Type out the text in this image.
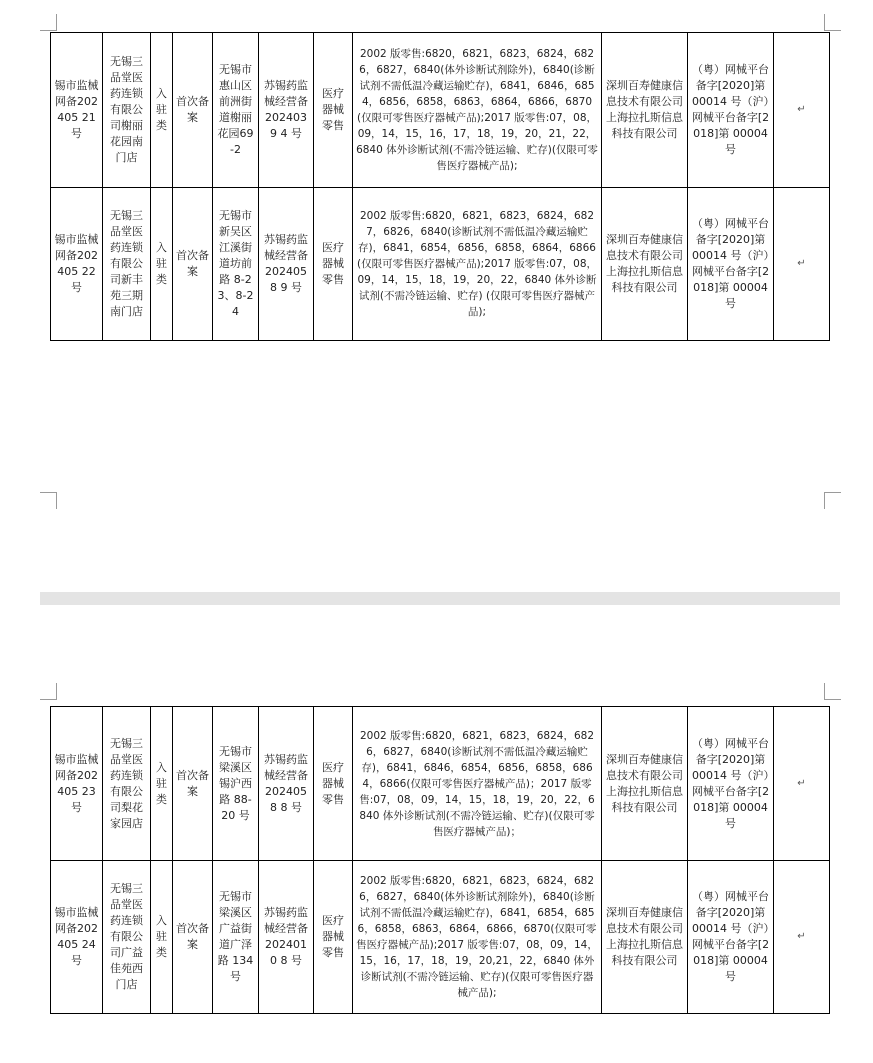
锡市监械网备202405 21 号	无锡三品堂医药连锁有限公司榭丽花园南门店	入驻类	首次备案	无锡市惠山区前洲街道榭丽花园69-2	苏锡药监械经营备2024039 4 号	医疗器械零售	2002 版零售:6820，6821，6823，6824，6826，6827，6840(体外诊断试剂除外)，6840(诊断试剂不需低温冷藏运输贮存)，6841，6846，6854，6856，6858，6863，6864，6866，6870(仅限可零售医疗器械产品);2017 版零售:07，08，09，14，15，16，17，18，19，20，21，22，6840 体外诊断试剂(不需冷链运输、贮存)(仅限可零售医疗器械产品);	深圳百寿健康信息技术有限公司 上海拉扎斯信息科技有限公司	（粤）网械平台备字[2020]第 00014 号（沪）网械平台备字[2018]第 00004 号	↵
锡市监械网备202405 22 号	无锡三品堂医药连锁有限公司新丰苑三期南门店	入驻类	首次备案	无锡市新吴区江溪街道坊前路 8-23、8-24	苏锡药监械经营备2024058 9 号	医疗器械零售	2002 版零售:6820，6821，6823，6824，6827，6826，6840(诊断试剂不需低温冷藏运输贮存)，6841，6854，6856，6858，6864，6866(仅限可零售医疗器械产品);2017 版零售:07，08，09，14，15，18，19，20，22，6840 体外诊断试剂(不需冷链运输、贮存) (仅限可零售医疗器械产品);	深圳百寿健康信息技术有限公司 上海拉扎斯信息科技有限公司	（粤）网械平台备字[2020]第 00014 号（沪）网械平台备字[2018]第 00004 号	↵
锡市监械网备202405 23 号	无锡三品堂医药连锁有限公司梨花家园店	入驻类	首次备案	无锡市梁溪区锡沪西路 88-20 号	苏锡药监械经营备2024058 8 号	医疗器械零售	2002 版零售:6820，6821，6823，6824，6826，6827，6840(诊断试剂不需低温冷藏运输贮存)，6841，6846，6854，6856，6858，6864，6866(仅限可零售医疗器械产品)；2017 版零售:07，08，09，14，15，18，19，20，22，6840 体外诊断试剂(不需冷链运输、贮存)(仅限可零售医疗器械产品)；	深圳百寿健康信息技术有限公司 上海拉扎斯信息科技有限公司	（粤）网械平台备字[2020]第 00014 号（沪）网械平台备字[2018]第 00004 号	↵
锡市监械网备202405 24 号	无锡三品堂医药连锁有限公司广益佳苑西门店	入驻类	首次备案	无锡市梁溪区广益街道广泽路 134 号	苏锡药监械经营备2024010 8 号	医疗器械零售	2002 版零售:6820，6821，6823，6824，6826，6827，6840(体外诊断试剂除外)，6840(诊断试剂不需低温冷藏运输贮存)，6841，6854，6856，6858，6863，6864，6866，6870(仅限可零售医疗器械产品);2017 版零售:07，08，09，14，15，16，17，18，19，20,21，22，6840 体外诊断试剂(不需冷链运输、贮存)(仅限可零售医疗器械产品);	深圳百寿健康信息技术有限公司 上海拉扎斯信息科技有限公司	（粤）网械平台备字[2020]第 00014 号（沪）网械平台备字[2018]第 00004 号	↵
